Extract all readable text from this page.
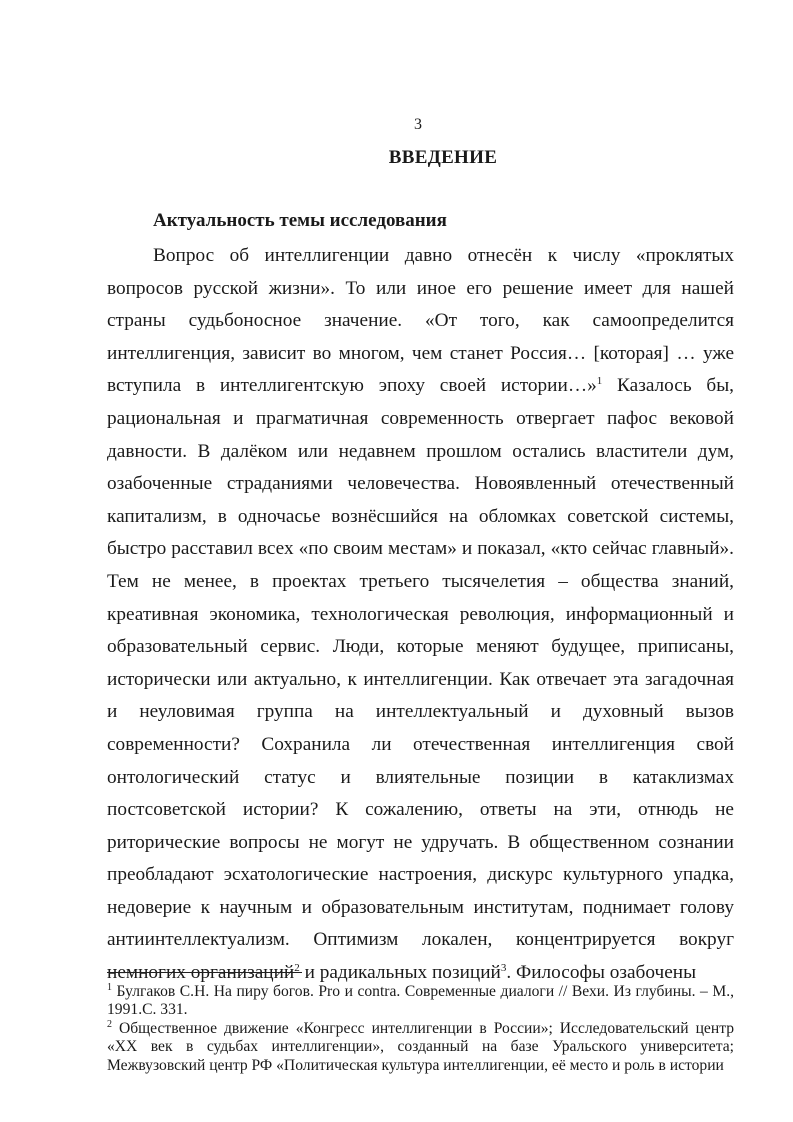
3
ВВЕДЕНИЕ
Актуальность темы исследования

Вопрос об интеллигенции давно отнесён к числу «проклятых вопросов русской жизни». То или иное его решение имеет для нашей страны судьбоносное значение. «От того, как самоопределится интеллигенция, зависит во многом, чем станет Россия… [которая] … уже вступила в интеллигентскую эпоху своей истории…»$^1$ Казалось бы, рациональная и прагматичная современность отвергает пафос вековой давности. В далёком или недавнем прошлом остались властители дум, озабоченные страданиями человечества. Новоявленный отечественный капитализм, в одночасье вознёсшийся на обломках советской системы, быстро расставил всех «по своим местам» и показал, «кто сейчас главный». Тем не менее, в проектах третьего тысячелетия – общества знаний, креативная экономика, технологическая революция, информационный и образовательный сервис. Люди, которые меняют будущее, приписаны, исторически или актуально, к интеллигенции. Как отвечает эта загадочная и неуловимая группа на интеллектуальный и духовный вызов современности? Сохранила ли отечественная интеллигенция свой онтологический статус и влиятельные позиции в катаклизмах постсоветской истории? К сожалению, ответы на эти, отнюдь не риторические вопросы не могут не удручать. В общественном сознании преобладают эсхатологические настроения, дискурс культурного упадка, недоверие к научным и образовательным институтам, поднимает голову антиинтеллектуализм. Оптимизм локален, концентрируется вокруг немногих организаций$^2$ и радикальных позиций$^3$. Философы озабочены

$^1$ Булгаков С.Н. На пиру богов. Pro и contra. Современные диалоги // Вехи. Из глубины. – М., 1991.С. 331.

$^2$ Общественное движение «Конгресс интеллигенции в России»; Исследовательский центр «XX век в судьбах интеллигенции», созданный на базе Уральского университета; Межвузовский центр РФ «Политическая культура интеллигенции, её место и роль в истории
